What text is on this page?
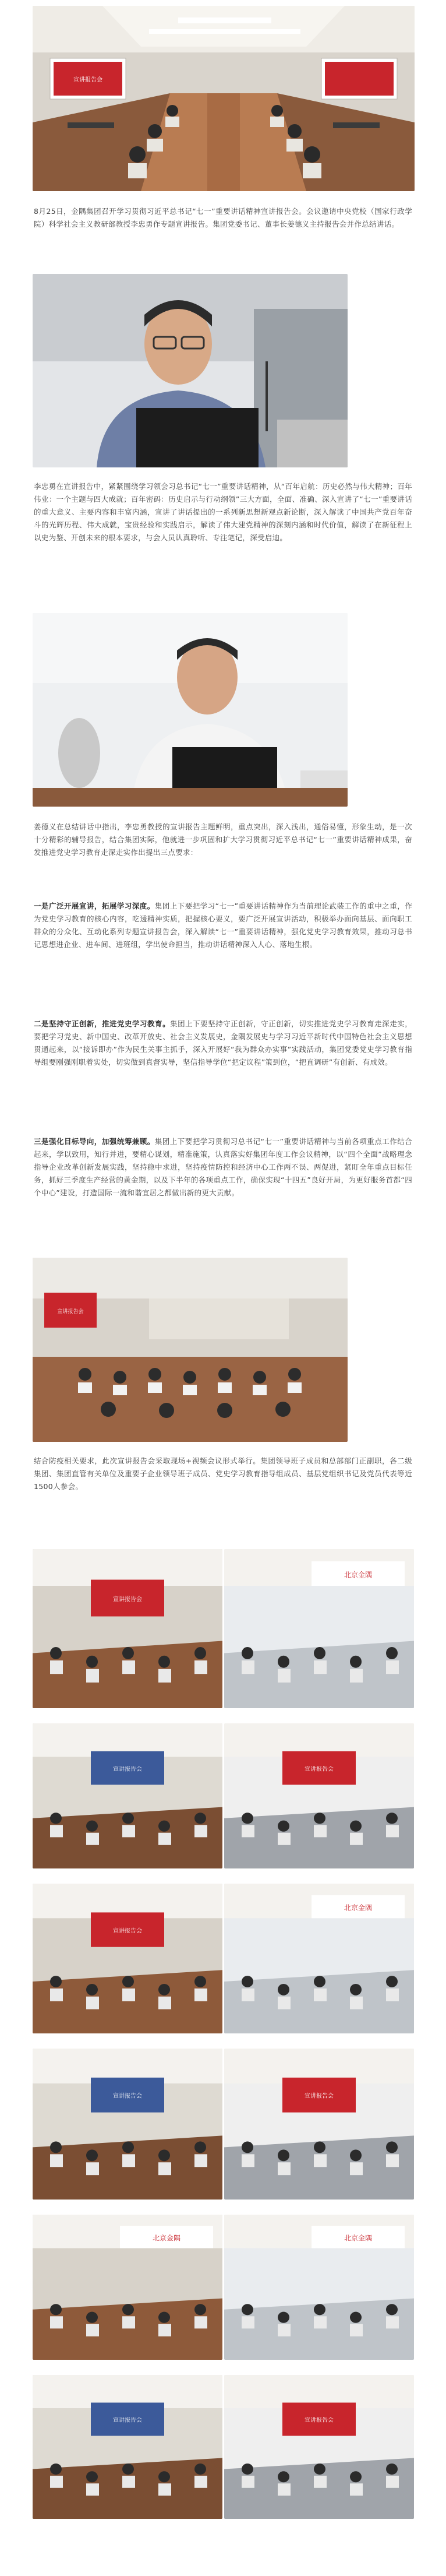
宣讲报告会

8月25日，金隅集团召开学习贯彻习近平总书记“七一”重要讲话精神宣讲报告会。会议邀请中央党校（国家行政学院）科学社会主义教研部教授李忠勇作专题宣讲报告。集团党委书记、董事长姜德义主持报告会并作总结讲话。

李忠勇在宣讲报告中，紧紧围绕学习领会习总书记“七一”重要讲话精神，从“百年启航：历史必然与伟大精神；百年伟业：一个主题与四大成就；百年密码：历史启示与行动纲领”三大方面，全面、准确、深入宣讲了“七一”重要讲话的重大意义、主要内容和丰富内涵，宣讲了讲话提出的一系列新思想新观点新论断，深入解读了中国共产党百年奋斗的光辉历程、伟大成就，宝贵经验和实践启示，解读了伟大建党精神的深刻内涵和时代价值，解读了在新征程上以史为鉴、开创未来的根本要求，与会人员认真聆听、专注笔记，深受启迪。

姜德义在总结讲话中指出，李忠勇教授的宣讲报告主题鲜明，重点突出，深入浅出，通俗易懂，形象生动，是一次十分精彩的辅导报告，结合集团实际，他就进一步巩固和扩大学习贯彻习近平总书记“七一”重要讲话精神成果，奋发推进党史学习教育走深走实作出提出三点要求：

一是广泛开展宣讲，拓展学习深度。集团上下要把学习“七一”重要讲话精神作为当前理论武装工作的重中之重，作为党史学习教育的核心内容，吃透精神实质，把握核心要义，要广泛开展宣讲活动，积极举办面向基层、面向职工群众的分众化、互动化系列专题宣讲报告会，深入解读“七一”重要讲话精神，强化党史学习教育效果，推动习总书记思想进企业、进车间、进班组，学出使命担当，推动讲话精神深入人心、落地生根。

二是坚持守正创新，推进党史学习教育。集团上下要坚持守正创新，守正创新，切实推进党史学习教育走深走实，要把学习党史、新中国史、改革开放史、社会主义发展史，金隅发展史与学习习近平新时代中国特色社会主义思想贯通起来，以“接诉即办”作为民生关事主抓手，深入开展好“我为群众办实事”实践活动，集团党委党史学习教育指导组要刚强刚职着实处，切实做到真督实导，坚信指导学位“把定议程”策到位，“把直调研”有创新、有成效。

三是强化目标导向，加强统筹兼顾。集团上下要把学习贯彻习总书记“七一”重要讲话精神与当前各项重点工作结合起来，学以致用，知行并进，要精心谋划，精准施策，认真落实好集团年度工作会议精神，以“四个全面”战略理念指导企业改革创新发展实践，坚持稳中求进，坚持疫情防控和经济中心工作两不误、两促进，紧盯全年重点目标任务，抓好三季度生产经营的黄金期，以及下半年的各项重点工作，确保实现“十四五”良好开局，为更好服务首都“四个中心”建设，打造国际一流和谐宜居之都做出新的更大贡献。

宣讲报告会

结合防疫相关要求，此次宣讲报告会采取现场+视频会议形式举行。集团领导班子成员和总部部门正副职，各二级集团、集团直管有关单位及重要子企业领导班子成员、党史学习教育指导组成员、基层党组织书记及党员代表等近1500人参会。

宣讲报告会
北京金隅
宣讲报告会	宣讲报告会
宣讲报告会
北京金隅
宣讲报告会	宣讲报告会
北京金隅	北京金隅
宣讲报告会	宣讲报告会
